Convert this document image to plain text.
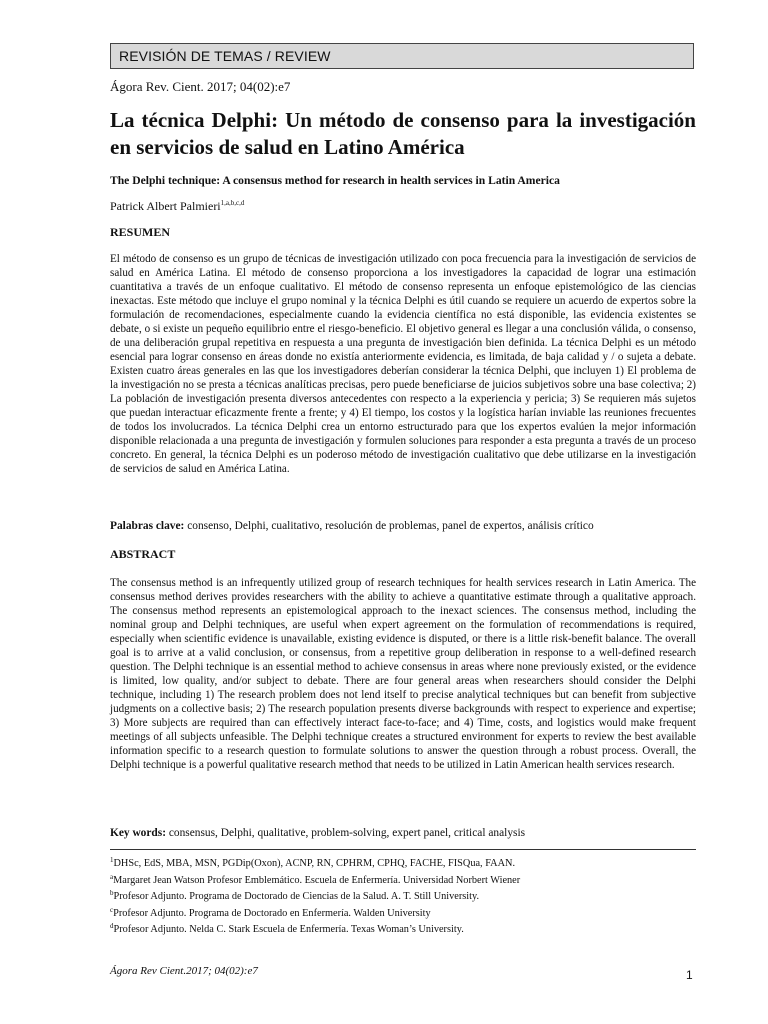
REVISIÓN DE TEMAS / REVIEW
Ágora Rev. Cient. 2017; 04(02):e7
La técnica Delphi: Un método de consenso para la investigación en servicios de salud en Latino América
The Delphi technique: A consensus method for research in health services in Latin America
Patrick Albert Palmieri$^{1,a,b,c,d}$
RESUMEN

El método de consenso es un grupo de técnicas de investigación utilizado con poca frecuencia para la investigación de servicios de salud en América Latina. El método de consenso proporciona a los investigadores la capacidad de lograr una estimación cuantitativa a través de un enfoque cualitativo. El método de consenso representa un enfoque epistemológico de las ciencias inexactas. Este método que incluye el grupo nominal y la técnica Delphi es útil cuando se requiere un acuerdo de expertos sobre la formulación de recomendaciones, especialmente cuando la evidencia científica no está disponible, las evidencia existentes se debate, o si existe un pequeño equilibrio entre el riesgo-beneficio. El objetivo general es llegar a una conclusión válida, o consenso, de una deliberación grupal repetitiva en respuesta a una pregunta de investigación bien definida. La técnica Delphi es un método esencial para lograr consenso en áreas donde no existía anteriormente evidencia, es limitada, de baja calidad y / o sujeta a debate. Existen cuatro áreas generales en las que los investigadores deberían considerar la técnica Delphi, que incluyen 1) El problema de la investigación no se presta a técnicas analíticas precisas, pero puede beneficiarse de juicios subjetivos sobre una base colectiva; 2) La población de investigación presenta diversos antecedentes con respecto a la experiencia y pericia; 3) Se requieren más sujetos que puedan interactuar eficazmente frente a frente; y 4) El tiempo, los costos y la logística harían inviable las reuniones frecuentes de todos los involucrados. La técnica Delphi crea un entorno estructurado para que los expertos evalúen la mejor información disponible relacionada a una pregunta de investigación y formulen soluciones para responder a esta pregunta a través de un proceso concreto. En general, la técnica Delphi es un poderoso método de investigación cualitativo que debe utilizarse en la investigación de servicios de salud en América Latina.

Palabras clave: consenso, Delphi, cualitativo, resolución de problemas, panel de expertos, análisis crítico
ABSTRACT

The consensus method is an infrequently utilized group of research techniques for health services research in Latin America. The consensus method derives provides researchers with the ability to achieve a quantitative estimate through a qualitative approach. The consensus method represents an epistemological approach to the inexact sciences. The consensus method, including the nominal group and Delphi techniques, are useful when expert agreement on the formulation of recommendations is required, especially when scientific evidence is unavailable, existing evidence is disputed, or there is a little risk-benefit balance. The overall goal is to arrive at a valid conclusion, or consensus, from a repetitive group deliberation in response to a well-defined research question. The Delphi technique is an essential method to achieve consensus in areas where none previously existed, or the evidence is limited, low quality, and/or subject to debate. There are four general areas when researchers should consider the Delphi technique, including 1) The research problem does not lend itself to precise analytical techniques but can benefit from subjective judgments on a collective basis; 2) The research population presents diverse backgrounds with respect to experience and expertise; 3) More subjects are required than can effectively interact face-to-face; and 4) Time, costs, and logistics would make frequent meetings of all subjects unfeasible. The Delphi technique creates a structured environment for experts to review the best available information specific to a research question to formulate solutions to answer the question through a robust process. Overall, the Delphi technique is a powerful qualitative research method that needs to be utilized in Latin American health services research.

Key words: consensus, Delphi, qualitative, problem-solving, expert panel, critical analysis
$^1$DHSc, EdS, MBA, MSN, PGDip(Oxon), ACNP, RN, CPHRM, CPHQ, FACHE, FISQua, FAAN.
$^a$Margaret Jean Watson Profesor Emblemático. Escuela de Enfermería. Universidad Norbert Wiener
$^b$Profesor Adjunto. Programa de Doctorado de Ciencias de la Salud. A. T. Still University.
$^c$Profesor Adjunto. Programa de Doctorado en Enfermería. Walden University
$^d$Profesor Adjunto. Nelda C. Stark Escuela de Enfermería. Texas Woman’s University.
Ágora Rev Cient.2017; 04(02):e7	1
